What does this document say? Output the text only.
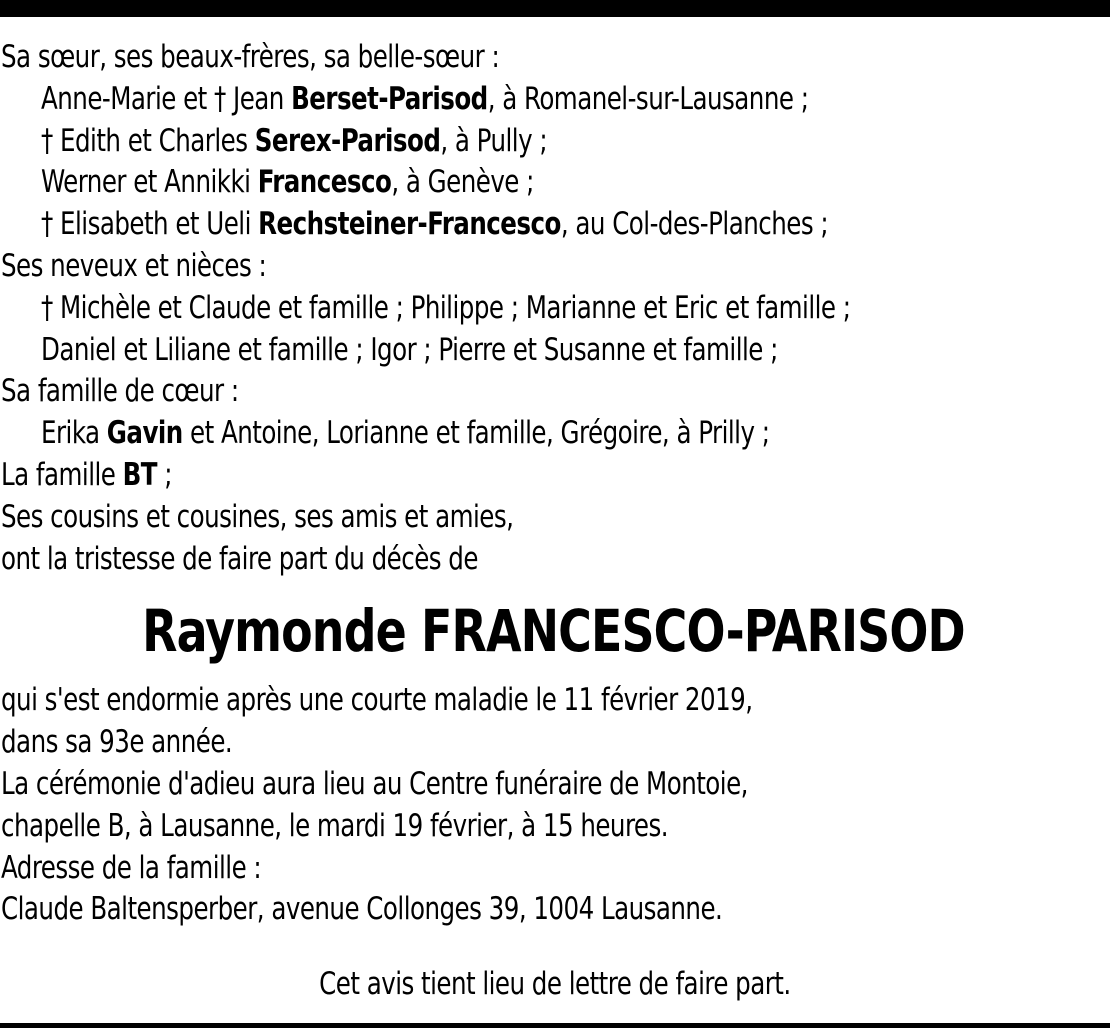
Sa sœur, ses beaux-frères, sa belle-sœur :
Anne-Marie et † Jean Berset-Parisod, à Romanel-sur-Lausanne ;
† Edith et Charles Serex-Parisod, à Pully ;
Werner et Annikki Francesco, à Genève ;
† Elisabeth et Ueli Rechsteiner-Francesco, au Col-des-Planches ;
Ses neveux et nièces :
† Michèle et Claude et famille ; Philippe ; Marianne et Eric et famille ;
Daniel et Liliane et famille ; Igor ; Pierre et Susanne et famille ;
Sa famille de cœur :
Erika Gavin et Antoine, Lorianne et famille, Grégoire, à Prilly ;
La famille BT ;
Ses cousins et cousines, ses amis et amies,
ont la tristesse de faire part du décès de
Raymonde FRANCESCO-PARISOD
qui s'est endormie après une courte maladie le 11 février 2019,
dans sa 93e année.
La cérémonie d'adieu aura lieu au Centre funéraire de Montoie,
chapelle B, à Lausanne, le mardi 19 février, à 15 heures.
Adresse de la famille :
Claude Baltensperber, avenue Collonges 39, 1004 Lausanne.
Cet avis tient lieu de lettre de faire part.
